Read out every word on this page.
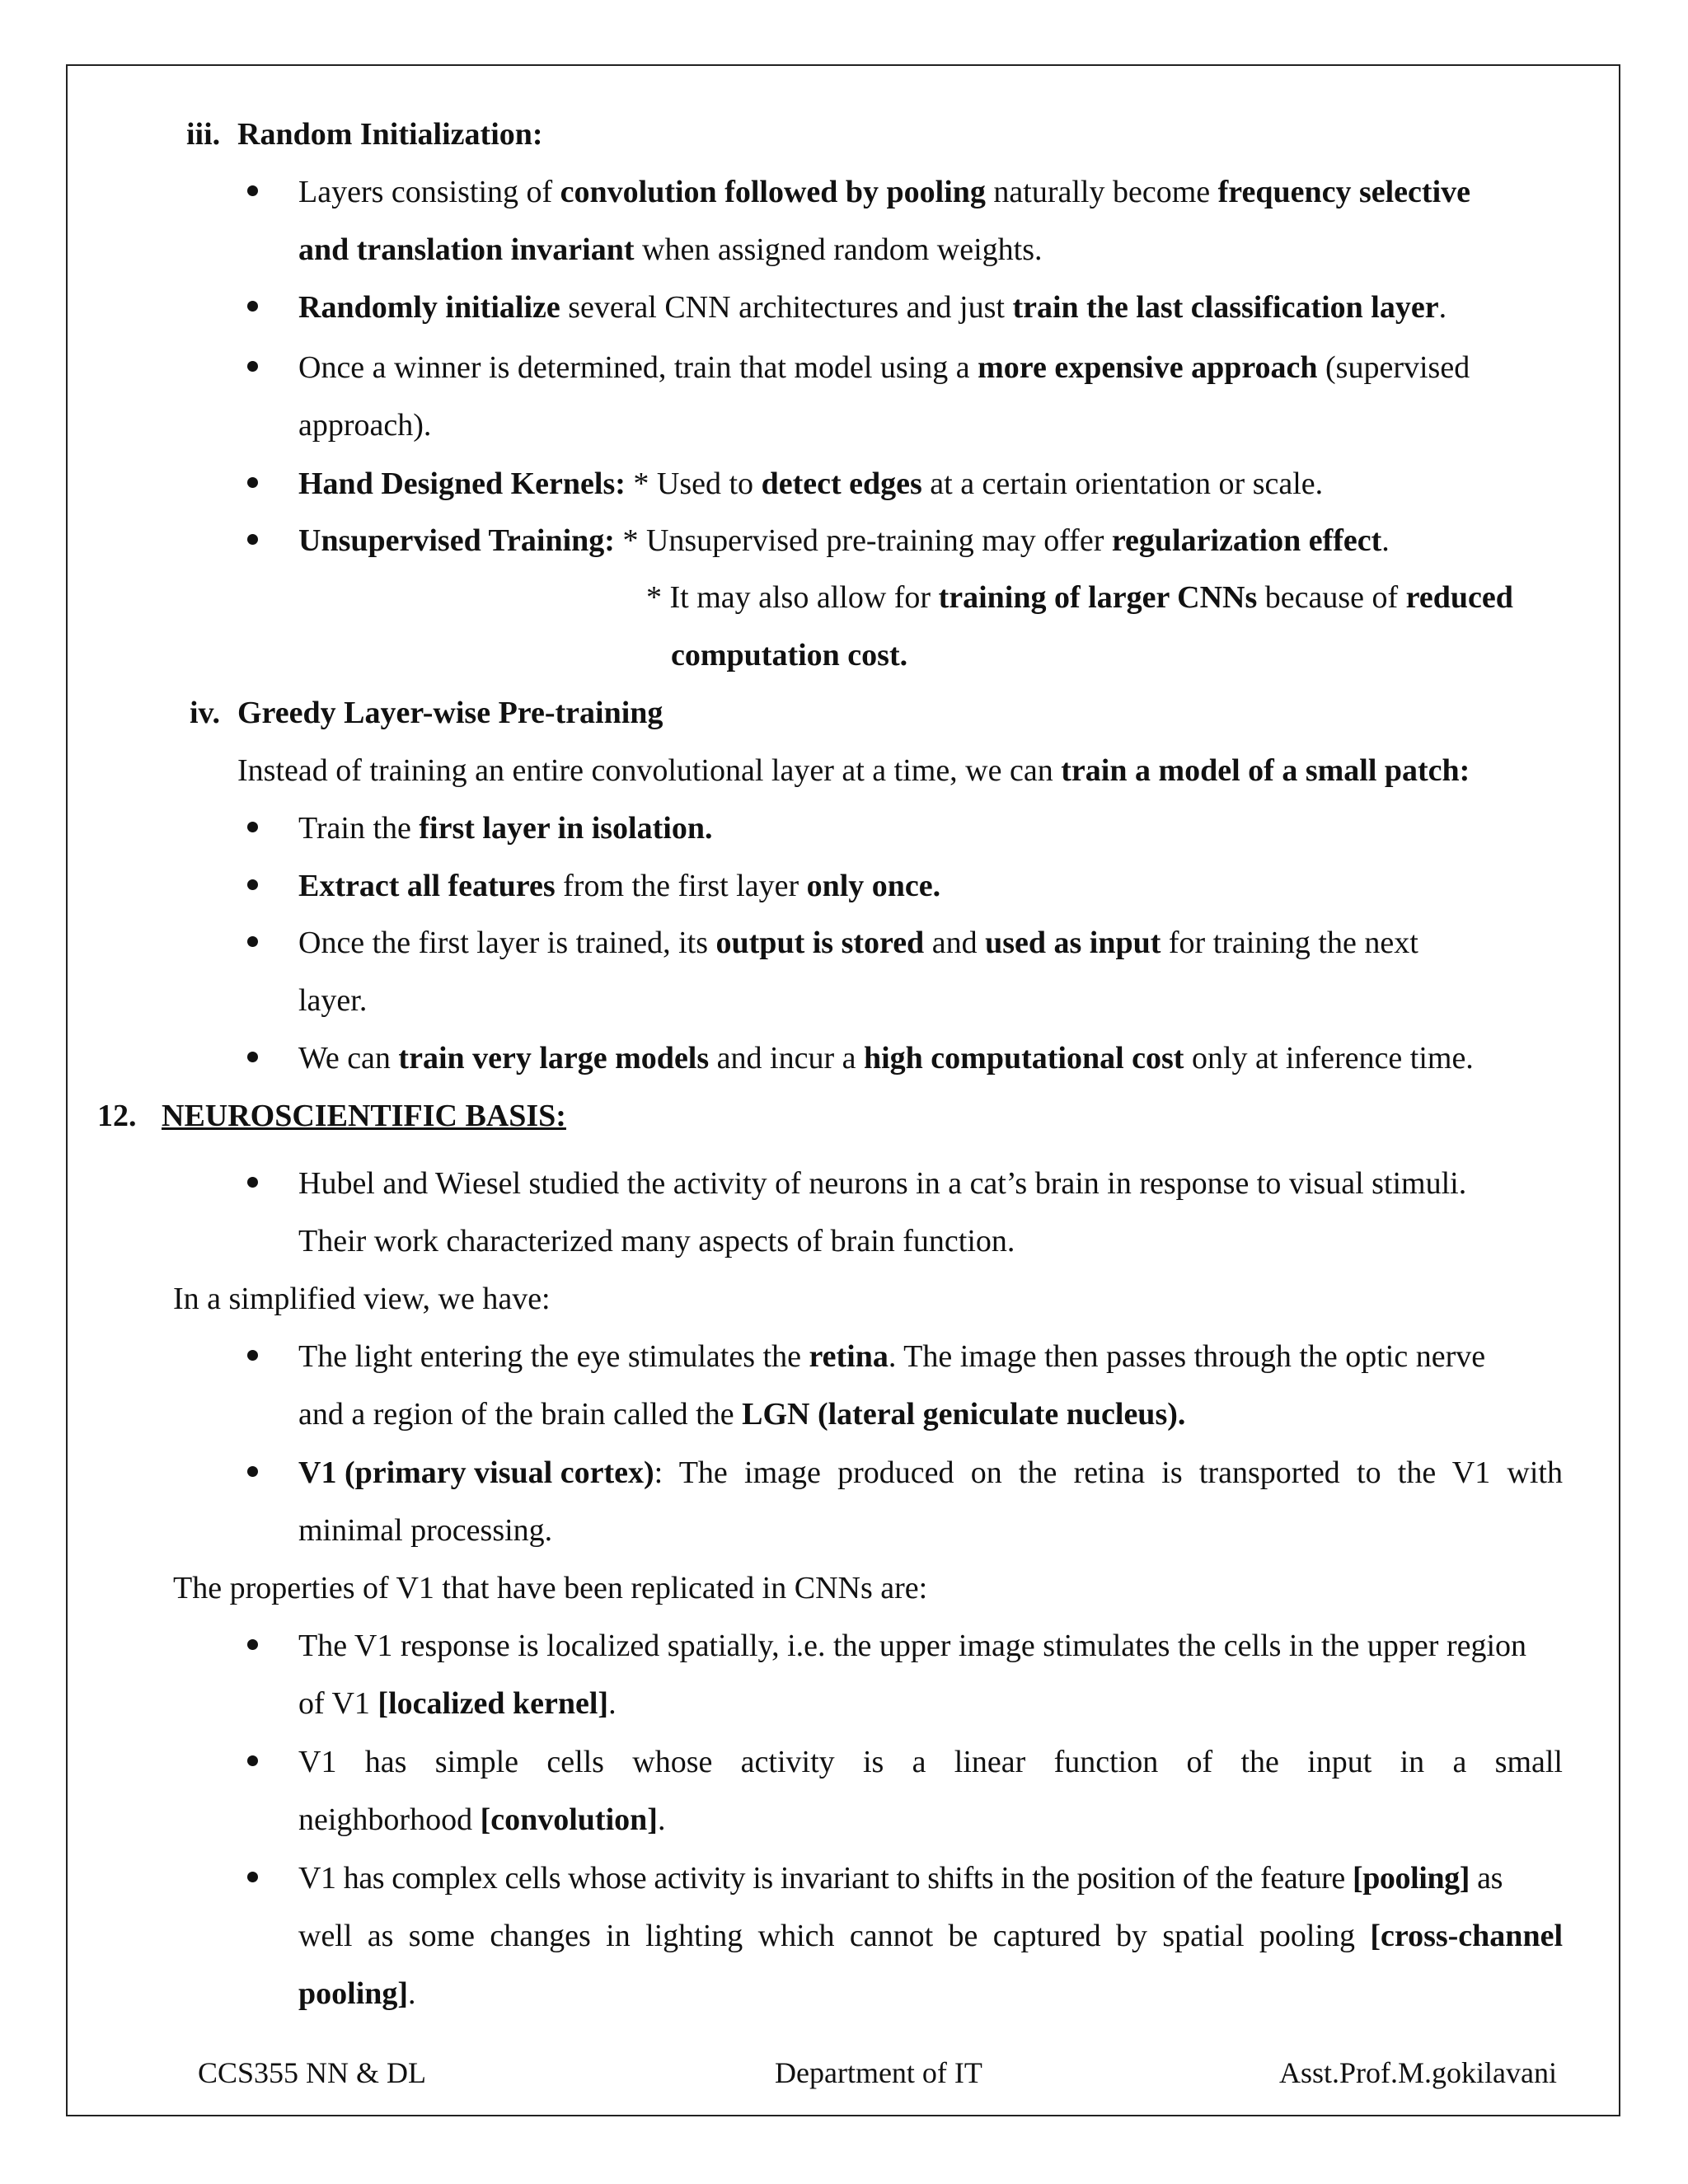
iii. Random Initialization:
Layers consisting of convolution followed by pooling naturally become frequency selective
and translation invariant when assigned random weights.
Randomly initialize several CNN architectures and just train the last classification layer.
Once a winner is determined, train that model using a more expensive approach (supervised
approach).
Hand Designed Kernels: * Used to detect edges at a certain orientation or scale.
Unsupervised Training: * Unsupervised pre-training may offer regularization effect.
* It may also allow for training of larger CNNs because of reduced
computation cost.
iv. Greedy Layer-wise Pre-training
Instead of training an entire convolutional layer at a time, we can train a model of a small patch:
Train the first layer in isolation.
Extract all features from the first layer only once.
Once the first layer is trained, its output is stored and used as input for training the next
layer.
We can train very large models and incur a high computational cost only at inference time.
12. NEUROSCIENTIFIC BASIS:
Hubel and Wiesel studied the activity of neurons in a cat’s brain in response to visual stimuli.
Their work characterized many aspects of brain function.
In a simplified view, we have:
The light entering the eye stimulates the retina. The image then passes through the optic nerve
and a region of the brain called the LGN (lateral geniculate nucleus).
V1 (primary visual cortex) : The image produced on the retina is transported to the V1 with
minimal processing.
The properties of V1 that have been replicated in CNNs are:
The V1 response is localized spatially, i.e. the upper image stimulates the cells in the upper region
of V1 [localized kernel].
V1 has simple cells whose activity is a linear function of the input in a small
neighborhood [convolution].
V1 has complex cells whose activity is invariant to shifts in the position of the feature [pooling] as
well as some changes in lighting which cannot be captured by spatial pooling [cross-channel
pooling].
CCS355 NN & DL	Department of IT	Asst.Prof.M.gokilavani
